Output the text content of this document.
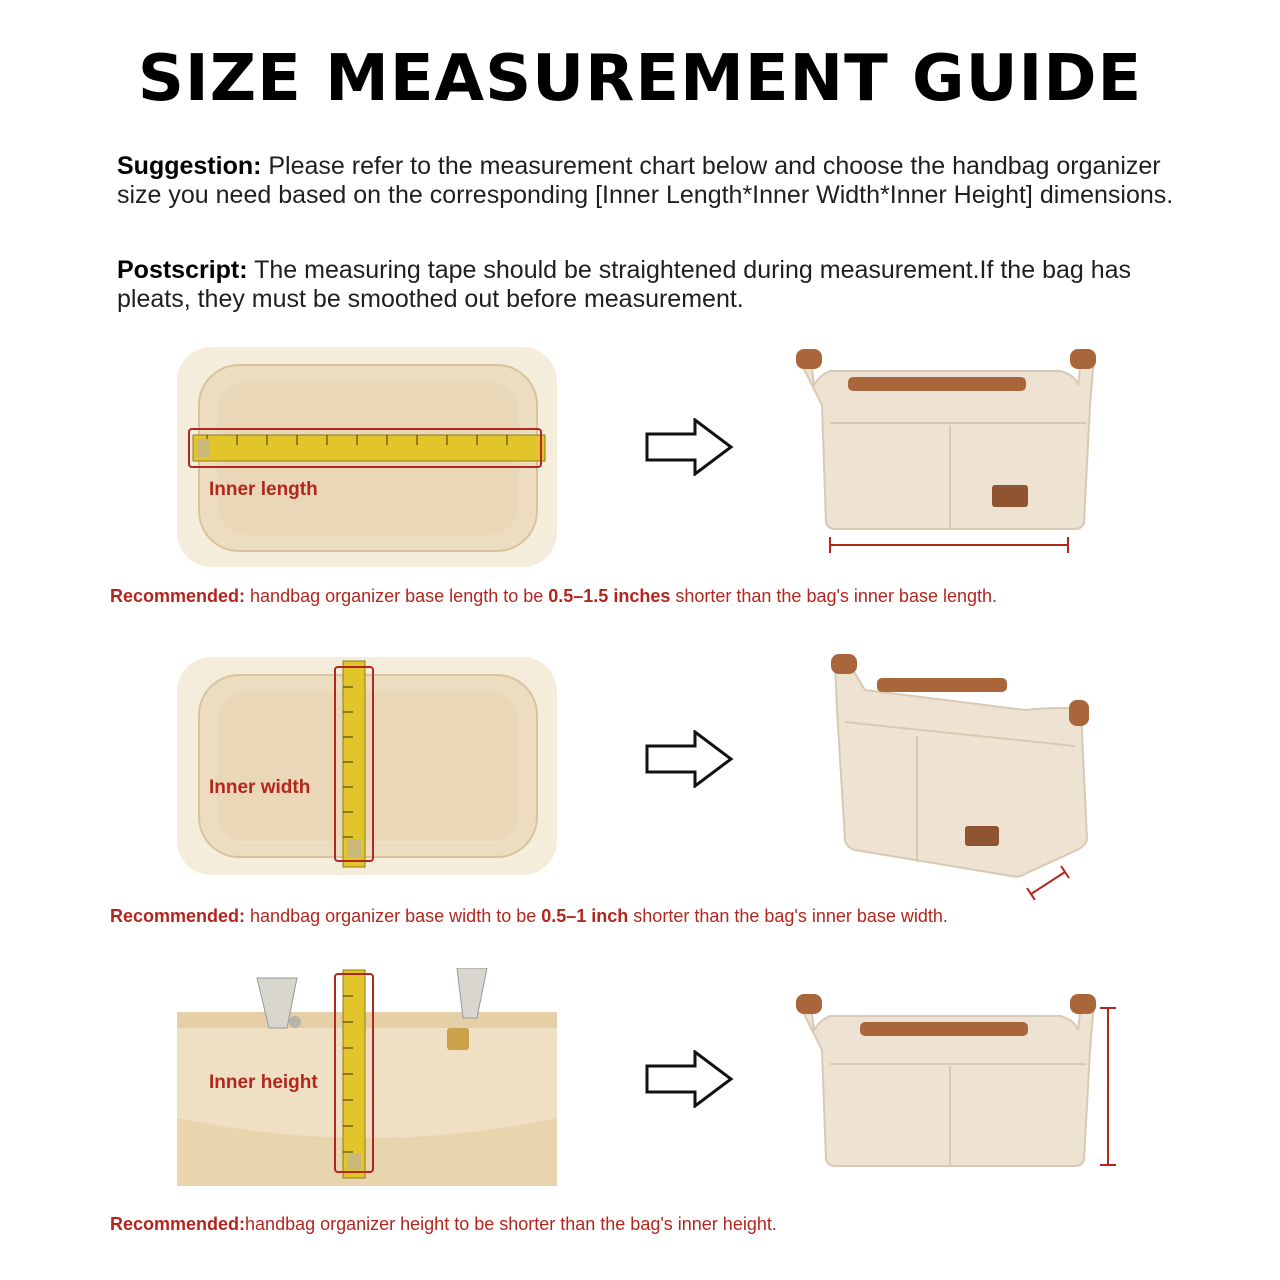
SIZE MEASUREMENT GUIDE
Suggestion: Please refer to the measurement chart below and choose the handbag organizer size you need based on the corresponding [Inner Length*Inner Width*Inner Height] dimensions.
Postscript: The measuring tape should be straightened during measurement.If the bag has pleats, they must be smoothed out before measurement.
Inner length
Recommended: handbag organizer base length to be 0.5–1.5 inches shorter than the bag's inner base length.
Inner width
Recommended: handbag organizer base width to be 0.5–1 inch shorter than the bag's inner base width.
Inner height
Recommended:handbag organizer height to be shorter than the bag's inner height.
